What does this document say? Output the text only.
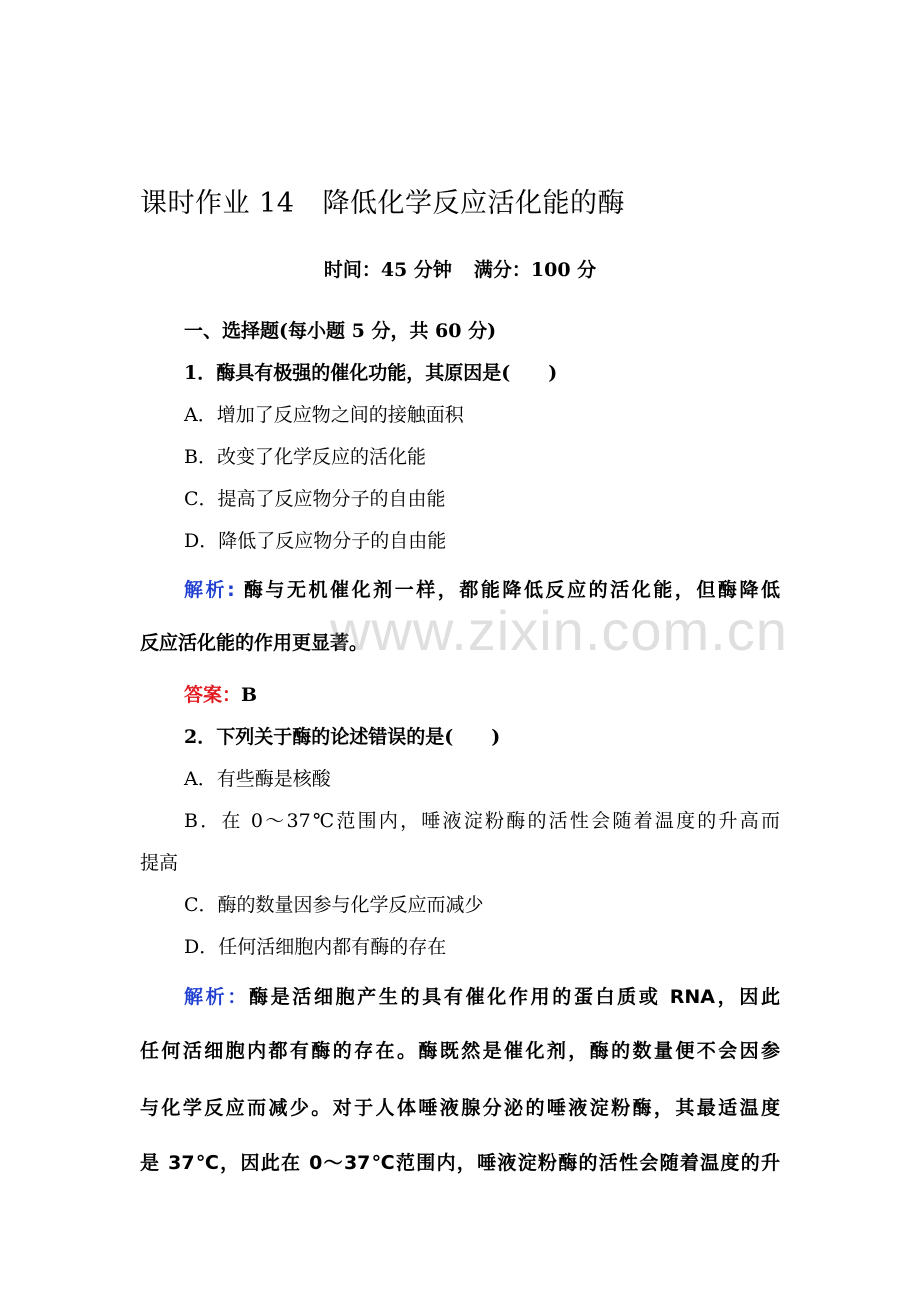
课时作业 14 降低化学反应活化能的酶
时间：45 分钟 满分：100 分
一、选择题(每小题 5 分，共 60 分)
1．酶具有极强的催化功能，其原因是(　　)
A．增加了反应物之间的接触面积
B．改变了化学反应的活化能
C．提高了反应物分子的自由能
D．降低了反应物分子的自由能
解析: 酶与无机催化剂一样，都能降低反应的活化能，但酶降低
反应活化能的作用更显著。
答案：B
2．下列关于酶的论述错误的是(　　)
A．有些酶是核酸
B．在 0～37℃范围内，唾液淀粉酶的活性会随着温度的升高而
提高
C．酶的数量因参与化学反应而减少
D．任何活细胞内都有酶的存在
解析：酶是活细胞产生的具有催化作用的蛋白质或 RNA，因此
任何活细胞内都有酶的存在。酶既然是催化剂，酶的数量便不会因参
与化学反应而减少。对于人体唾液腺分泌的唾液淀粉酶，其最适温度
是 37℃，因此在 0～37℃范围内，唾液淀粉酶的活性会随着温度的升
www.zixin.com.cn
